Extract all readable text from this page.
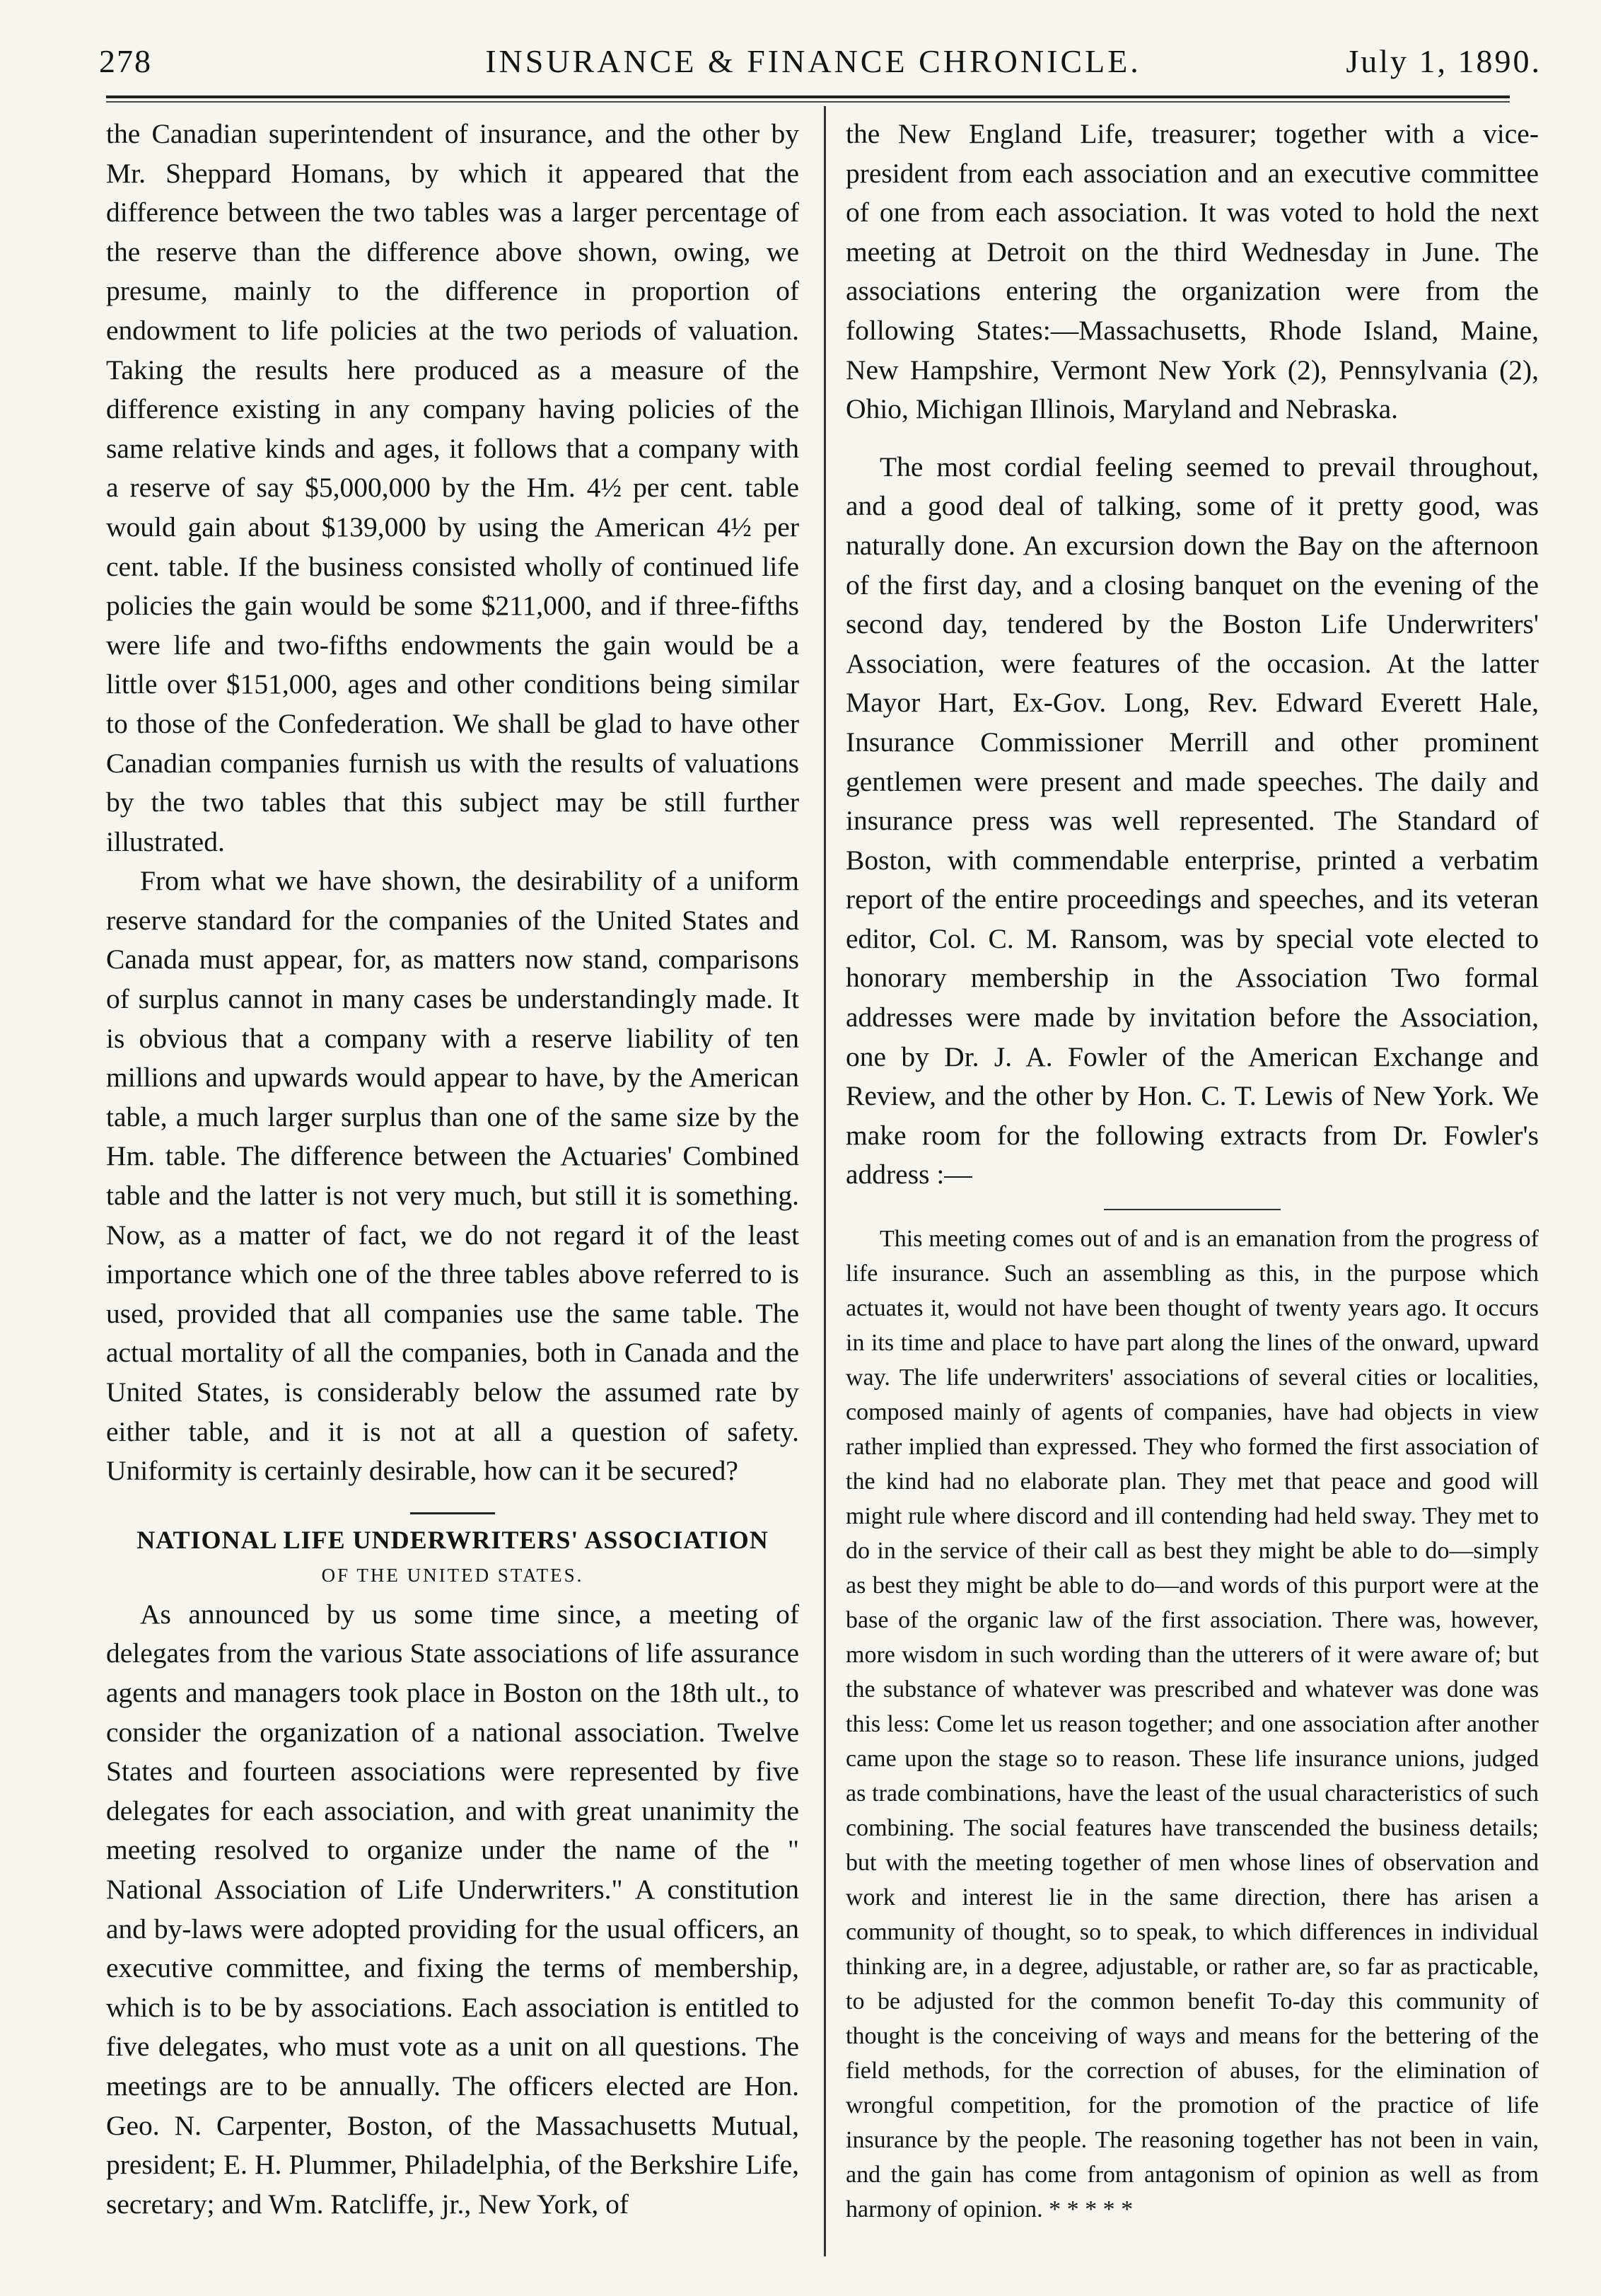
278	INSURANCE & FINANCE CHRONICLE.	July 1, 1890.

the Canadian superintendent of insurance, and the other by Mr. Sheppard Homans, by which it appeared that the difference between the two tables was a larger percentage of the reserve than the difference above shown, owing, we presume, mainly to the difference in proportion of endowment to life policies at the two periods of valuation. Taking the results here produced as a measure of the difference existing in any company having policies of the same relative kinds and ages, it follows that a company with a reserve of say $5,000,000 by the Hm. 4½ per cent. table would gain about $139,000 by using the American 4½ per cent. table. If the business consisted wholly of continued life policies the gain would be some $211,000, and if three-fifths were life and two-fifths endowments the gain would be a little over $151,000, ages and other conditions being similar to those of the Confederation. We shall be glad to have other Canadian companies furnish us with the results of valuations by the two tables that this subject may be still further illustrated.

From what we have shown, the desirability of a uniform reserve standard for the companies of the United States and Canada must appear, for, as matters now stand, comparisons of surplus cannot in many cases be understandingly made. It is obvious that a company with a reserve liability of ten millions and upwards would appear to have, by the American table, a much larger surplus than one of the same size by the Hm. table. The difference between the Actuaries' Combined table and the latter is not very much, but still it is something. Now, as a matter of fact, we do not regard it of the least importance which one of the three tables above referred to is used, provided that all companies use the same table. The actual mortality of all the companies, both in Canada and the United States, is considerably below the assumed rate by either table, and it is not at all a question of safety. Uniformity is certainly desirable, how can it be secured?

NATIONAL LIFE UNDERWRITERS' ASSOCIATION
OF THE UNITED STATES.

As announced by us some time since, a meeting of delegates from the various State associations of life assurance agents and managers took place in Boston on the 18th ult., to consider the organization of a national association. Twelve States and fourteen associations were represented by five delegates for each association, and with great unanimity the meeting resolved to organize under the name of the " National Association of Life Underwriters." A constitution and by-laws were adopted providing for the usual officers, an executive committee, and fixing the terms of membership, which is to be by associations. Each association is entitled to five delegates, who must vote as a unit on all questions. The meetings are to be annually. The officers elected are Hon. Geo. N. Carpenter, Boston, of the Massachusetts Mutual, president; E. H. Plummer, Philadelphia, of the Berkshire Life, secretary; and Wm. Ratcliffe, jr., New York, of

the New England Life, treasurer; together with a vice-president from each association and an executive committee of one from each association. It was voted to hold the next meeting at Detroit on the third Wednesday in June. The associations entering the organization were from the following States:—Massachusetts, Rhode Island, Maine, New Hampshire, Vermont New York (2), Pennsylvania (2), Ohio, Michigan Illinois, Maryland and Nebraska.

The most cordial feeling seemed to prevail throughout, and a good deal of talking, some of it pretty good, was naturally done. An excursion down the Bay on the afternoon of the first day, and a closing banquet on the evening of the second day, tendered by the Boston Life Underwriters' Association, were features of the occasion. At the latter Mayor Hart, Ex-Gov. Long, Rev. Edward Everett Hale, Insurance Commissioner Merrill and other prominent gentlemen were present and made speeches. The daily and insurance press was well represented. The Standard of Boston, with commendable enterprise, printed a verbatim report of the entire proceedings and speeches, and its veteran editor, Col. C. M. Ransom, was by special vote elected to honorary membership in the Association Two formal addresses were made by invitation before the Association, one by Dr. J. A. Fowler of the American Exchange and Review, and the other by Hon. C. T. Lewis of New York. We make room for the following extracts from Dr. Fowler's address :—

This meeting comes out of and is an emanation from the progress of life insurance. Such an assembling as this, in the purpose which actuates it, would not have been thought of twenty years ago. It occurs in its time and place to have part along the lines of the onward, upward way. The life underwriters' associations of several cities or localities, composed mainly of agents of companies, have had objects in view rather implied than expressed. They who formed the first association of the kind had no elaborate plan. They met that peace and good will might rule where discord and ill contending had held sway. They met to do in the service of their call as best they might be able to do—simply as best they might be able to do—and words of this purport were at the base of the organic law of the first association. There was, however, more wisdom in such wording than the utterers of it were aware of; but the substance of whatever was prescribed and whatever was done was this less: Come let us reason together; and one association after another came upon the stage so to reason. These life insurance unions, judged as trade combinations, have the least of the usual characteristics of such combining. The social features have transcended the business details; but with the meeting together of men whose lines of observation and work and interest lie in the same direction, there has arisen a community of thought, so to speak, to which differences in individual thinking are, in a degree, adjustable, or rather are, so far as practicable, to be adjusted for the common benefit To-day this community of thought is the conceiving of ways and means for the bettering of the field methods, for the correction of abuses, for the elimination of wrongful competition, for the promotion of the practice of life insurance by the people. The reasoning together has not been in vain, and the gain has come from antagonism of opinion as well as from harmony of opinion. * * * * *
